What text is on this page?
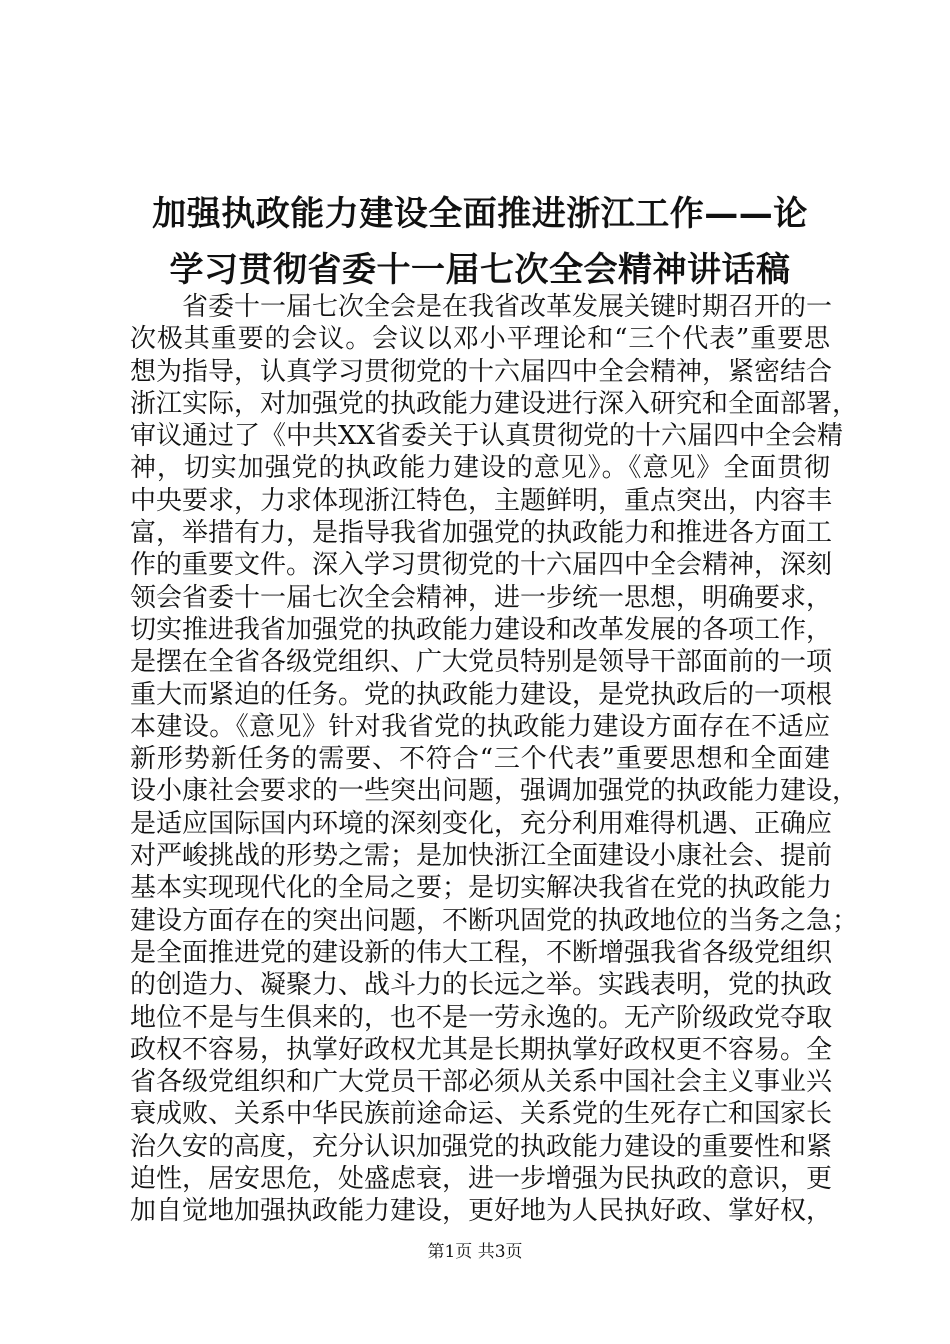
加强执政能力建设全面推进浙江工作——论
学习贯彻省委十一届七次全会精神讲话稿
　　省委十一届七次全会是在我省改革发展关键时期召开的一
次极其重要的会议。会议以邓小平理论和“三个代表”重要思
想为指导，认真学习贯彻党的十六届四中全会精神，紧密结合
浙江实际，对加强党的执政能力建设进行深入研究和全面部署，
审议通过了《中共XX省委关于认真贯彻党的十六届四中全会精
神，切实加强党的执政能力建设的意见》。《意见》全面贯彻
中央要求，力求体现浙江特色，主题鲜明，重点突出，内容丰
富，举措有力，是指导我省加强党的执政能力和推进各方面工
作的重要文件。深入学习贯彻党的十六届四中全会精神，深刻
领会省委十一届七次全会精神，进一步统一思想，明确要求，
切实推进我省加强党的执政能力建设和改革发展的各项工作，
是摆在全省各级党组织、广大党员特别是领导干部面前的一项
重大而紧迫的任务。党的执政能力建设，是党执政后的一项根
本建设。《意见》针对我省党的执政能力建设方面存在不适应
新形势新任务的需要、不符合“三个代表”重要思想和全面建
设小康社会要求的一些突出问题，强调加强党的执政能力建设，
是适应国际国内环境的深刻变化，充分利用难得机遇、正确应
对严峻挑战的形势之需；是加快浙江全面建设小康社会、提前
基本实现现代化的全局之要；是切实解决我省在党的执政能力
建设方面存在的突出问题，不断巩固党的执政地位的当务之急；
是全面推进党的建设新的伟大工程，不断增强我省各级党组织
的创造力、凝聚力、战斗力的长远之举。实践表明，党的执政
地位不是与生俱来的，也不是一劳永逸的。无产阶级政党夺取
政权不容易，执掌好政权尤其是长期执掌好政权更不容易。全
省各级党组织和广大党员干部必须从关系中国社会主义事业兴
衰成败、关系中华民族前途命运、关系党的生死存亡和国家长
治久安的高度，充分认识加强党的执政能力建设的重要性和紧
迫性，居安思危，处盛虑衰，进一步增强为民执政的意识，更
加自觉地加强执政能力建设，更好地为人民执好政、掌好权，
第1页 共3页
